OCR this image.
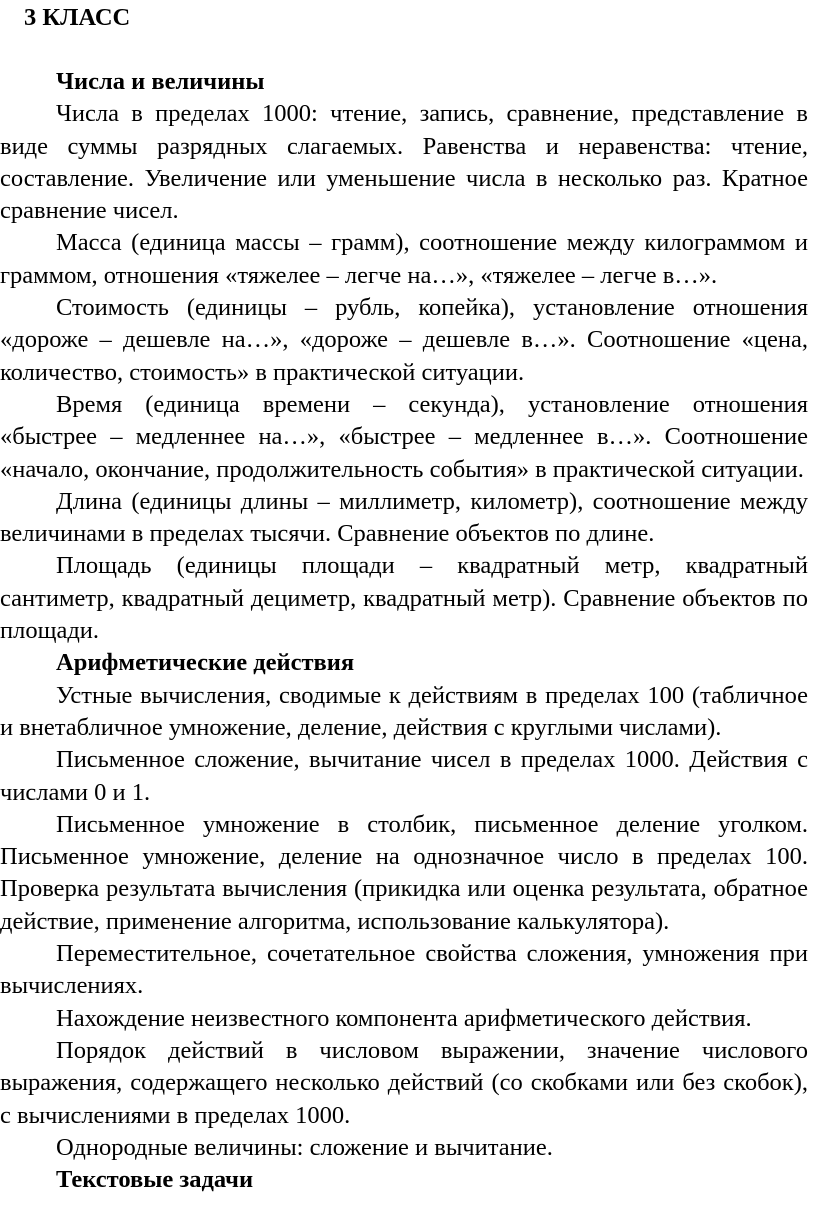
3 КЛАСС
Числа и величины

Числа в пределах 1000: чтение, запись, сравнение, представление в виде суммы разрядных слагаемых. Равенства и неравенства: чтение, составление. Увеличение или уменьшение числа в несколько раз. Кратное сравнение чисел.

Масса (единица массы – грамм), соотношение между килограммом и граммом, отношения «тяжелее – легче на…», «тяжелее – легче в…».

Стоимость (единицы – рубль, копейка), установление отношения «дороже – дешевле на…», «дороже – дешевле в…». Соотношение «цена, количество, стоимость» в практической ситуации.

Время (единица времени – секунда), установление отношения «быстрее – медленнее на…», «быстрее – медленнее в…». Соотношение «начало, окончание, продолжительность события» в практической ситуации.

Длина (единицы длины – миллиметр, километр), соотношение между величинами в пределах тысячи. Сравнение объектов по длине.

Площадь (единицы площади – квадратный метр, квадратный сантиметр, квадратный дециметр, квадратный метр). Сравнение объектов по площади.

Арифметические действия

Устные вычисления, сводимые к действиям в пределах 100 (табличное и внетабличное умножение, деление, действия с круглыми числами).

Письменное сложение, вычитание чисел в пределах 1000. Действия с числами 0 и 1.

Письменное умножение в столбик, письменное деление уголком. Письменное умножение, деление на однозначное число в пределах 100. Проверка результата вычисления (прикидка или оценка результата, обратное действие, применение алгоритма, использование калькулятора).

Переместительное, сочетательное свойства сложения, умножения при вычислениях.

Нахождение неизвестного компонента арифметического действия.

Порядок действий в числовом выражении, значение числового выражения, содержащего несколько действий (со скобками или без скобок), с вычислениями в пределах 1000.

Однородные величины: сложение и вычитание.

Текстовые задачи
